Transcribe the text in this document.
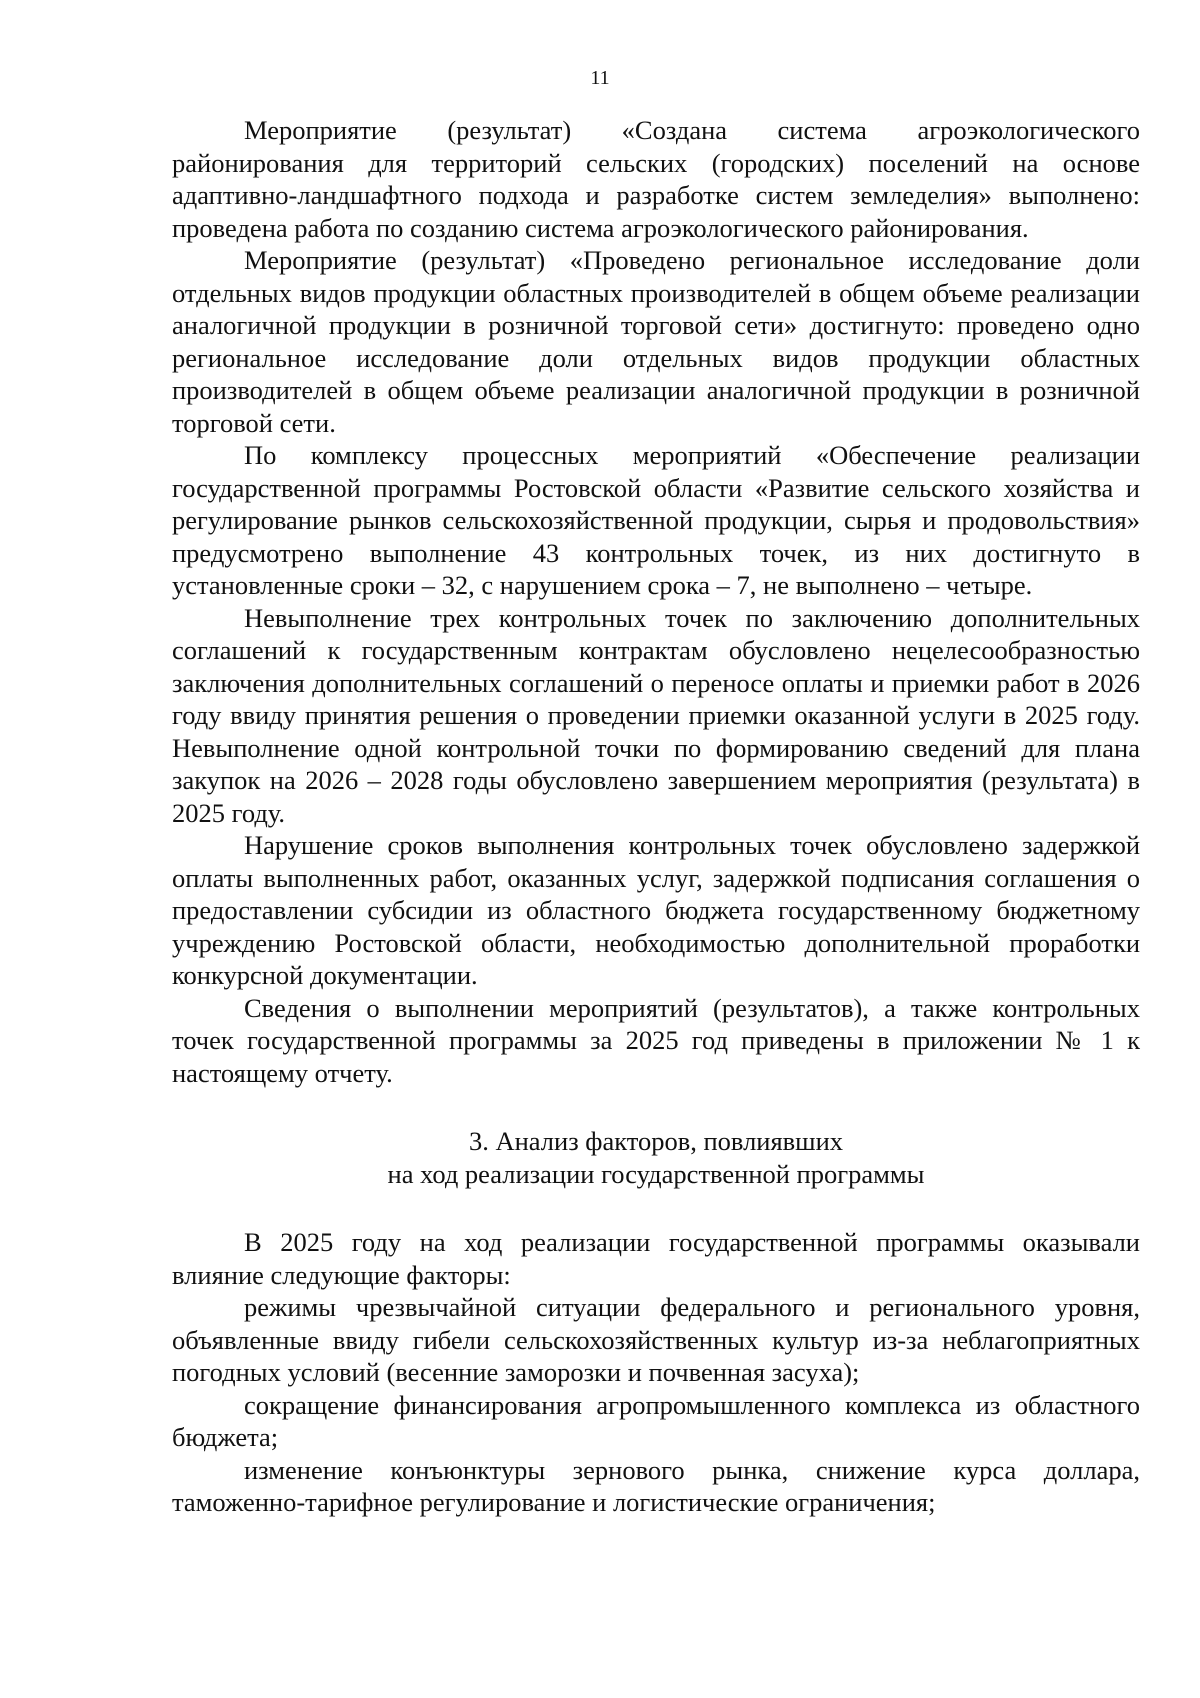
11

Мероприятие (результат) «Создана система агроэкологического районирования для территорий сельских (городских) поселений на основе адаптивно-ландшафтного подхода и разработке систем земледелия» выполнено: проведена работа по созданию система агроэкологического районирования.

Мероприятие (результат) «Проведено региональное исследование доли отдельных видов продукции областных производителей в общем объеме реализации аналогичной продукции в розничной торговой сети» достигнуто: проведено одно региональное исследование доли отдельных видов продукции областных производителей в общем объеме реализации аналогичной продукции в розничной торговой сети.

По комплексу процессных мероприятий «Обеспечение реализации государственной программы Ростовской области «Развитие сельского хозяйства и регулирование рынков сельскохозяйственной продукции, сырья и продовольствия» предусмотрено выполнение 43 контрольных точек, из них достигнуто в установленные сроки – 32, с нарушением срока – 7, не выполнено – четыре.

Невыполнение трех контрольных точек по заключению дополнительных соглашений к государственным контрактам обусловлено нецелесообразностью заключения дополнительных соглашений о переносе оплаты и приемки работ в 2026 году ввиду принятия решения о проведении приемки оказанной услуги в 2025 году. Невыполнение одной контрольной точки по формированию сведений для плана закупок на 2026 – 2028 годы обусловлено завершением мероприятия (результата) в 2025 году.

Нарушение сроков выполнения контрольных точек обусловлено задержкой оплаты выполненных работ, оказанных услуг, задержкой подписания соглашения о предоставлении субсидии из областного бюджета государственному бюджетному учреждению Ростовской области, необходимостью дополнительной проработки конкурсной документации.

Сведения о выполнении мероприятий (результатов), а также контрольных точек государственной программы за 2025 год приведены в приложении № 1 к настоящему отчету.

3. Анализ факторов, повлиявших
на ход реализации государственной программы

В 2025 году на ход реализации государственной программы оказывали влияние следующие факторы:

режимы чрезвычайной ситуации федерального и регионального уровня, объявленные ввиду гибели сельскохозяйственных культур из-за неблагоприятных погодных условий (весенние заморозки и почвенная засуха);

сокращение финансирования агропромышленного комплекса из областного бюджета;

изменение конъюнктуры зернового рынка, снижение курса доллара, таможенно-тарифное регулирование и логистические ограничения;
